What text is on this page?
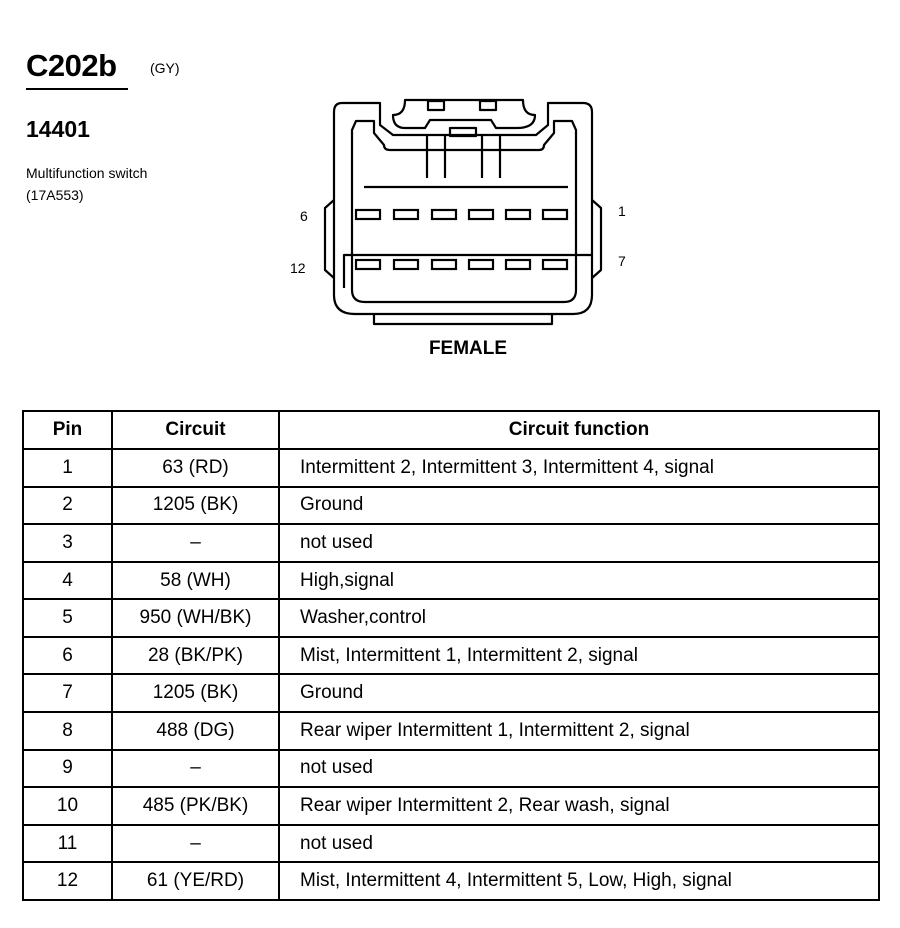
C202b (GY)
14401
Multifunction switch
(17A553)
6
12
1
7
FEMALE
Pin	Circuit	Circuit function
1	63 (RD)	Intermittent 2, Intermittent 3, Intermittent 4, signal
2	1205 (BK)	Ground
3	–	not used
4	58 (WH)	High,signal
5	950 (WH/BK)	Washer,control
6	28 (BK/PK)	Mist, Intermittent 1, Intermittent 2, signal
7	1205 (BK)	Ground
8	488 (DG)	Rear wiper Intermittent 1, Intermittent 2, signal
9	–	not used
10	485 (PK/BK)	Rear wiper Intermittent 2, Rear wash, signal
11	–	not used
12	61 (YE/RD)	Mist, Intermittent 4, Intermittent 5, Low, High, signal
